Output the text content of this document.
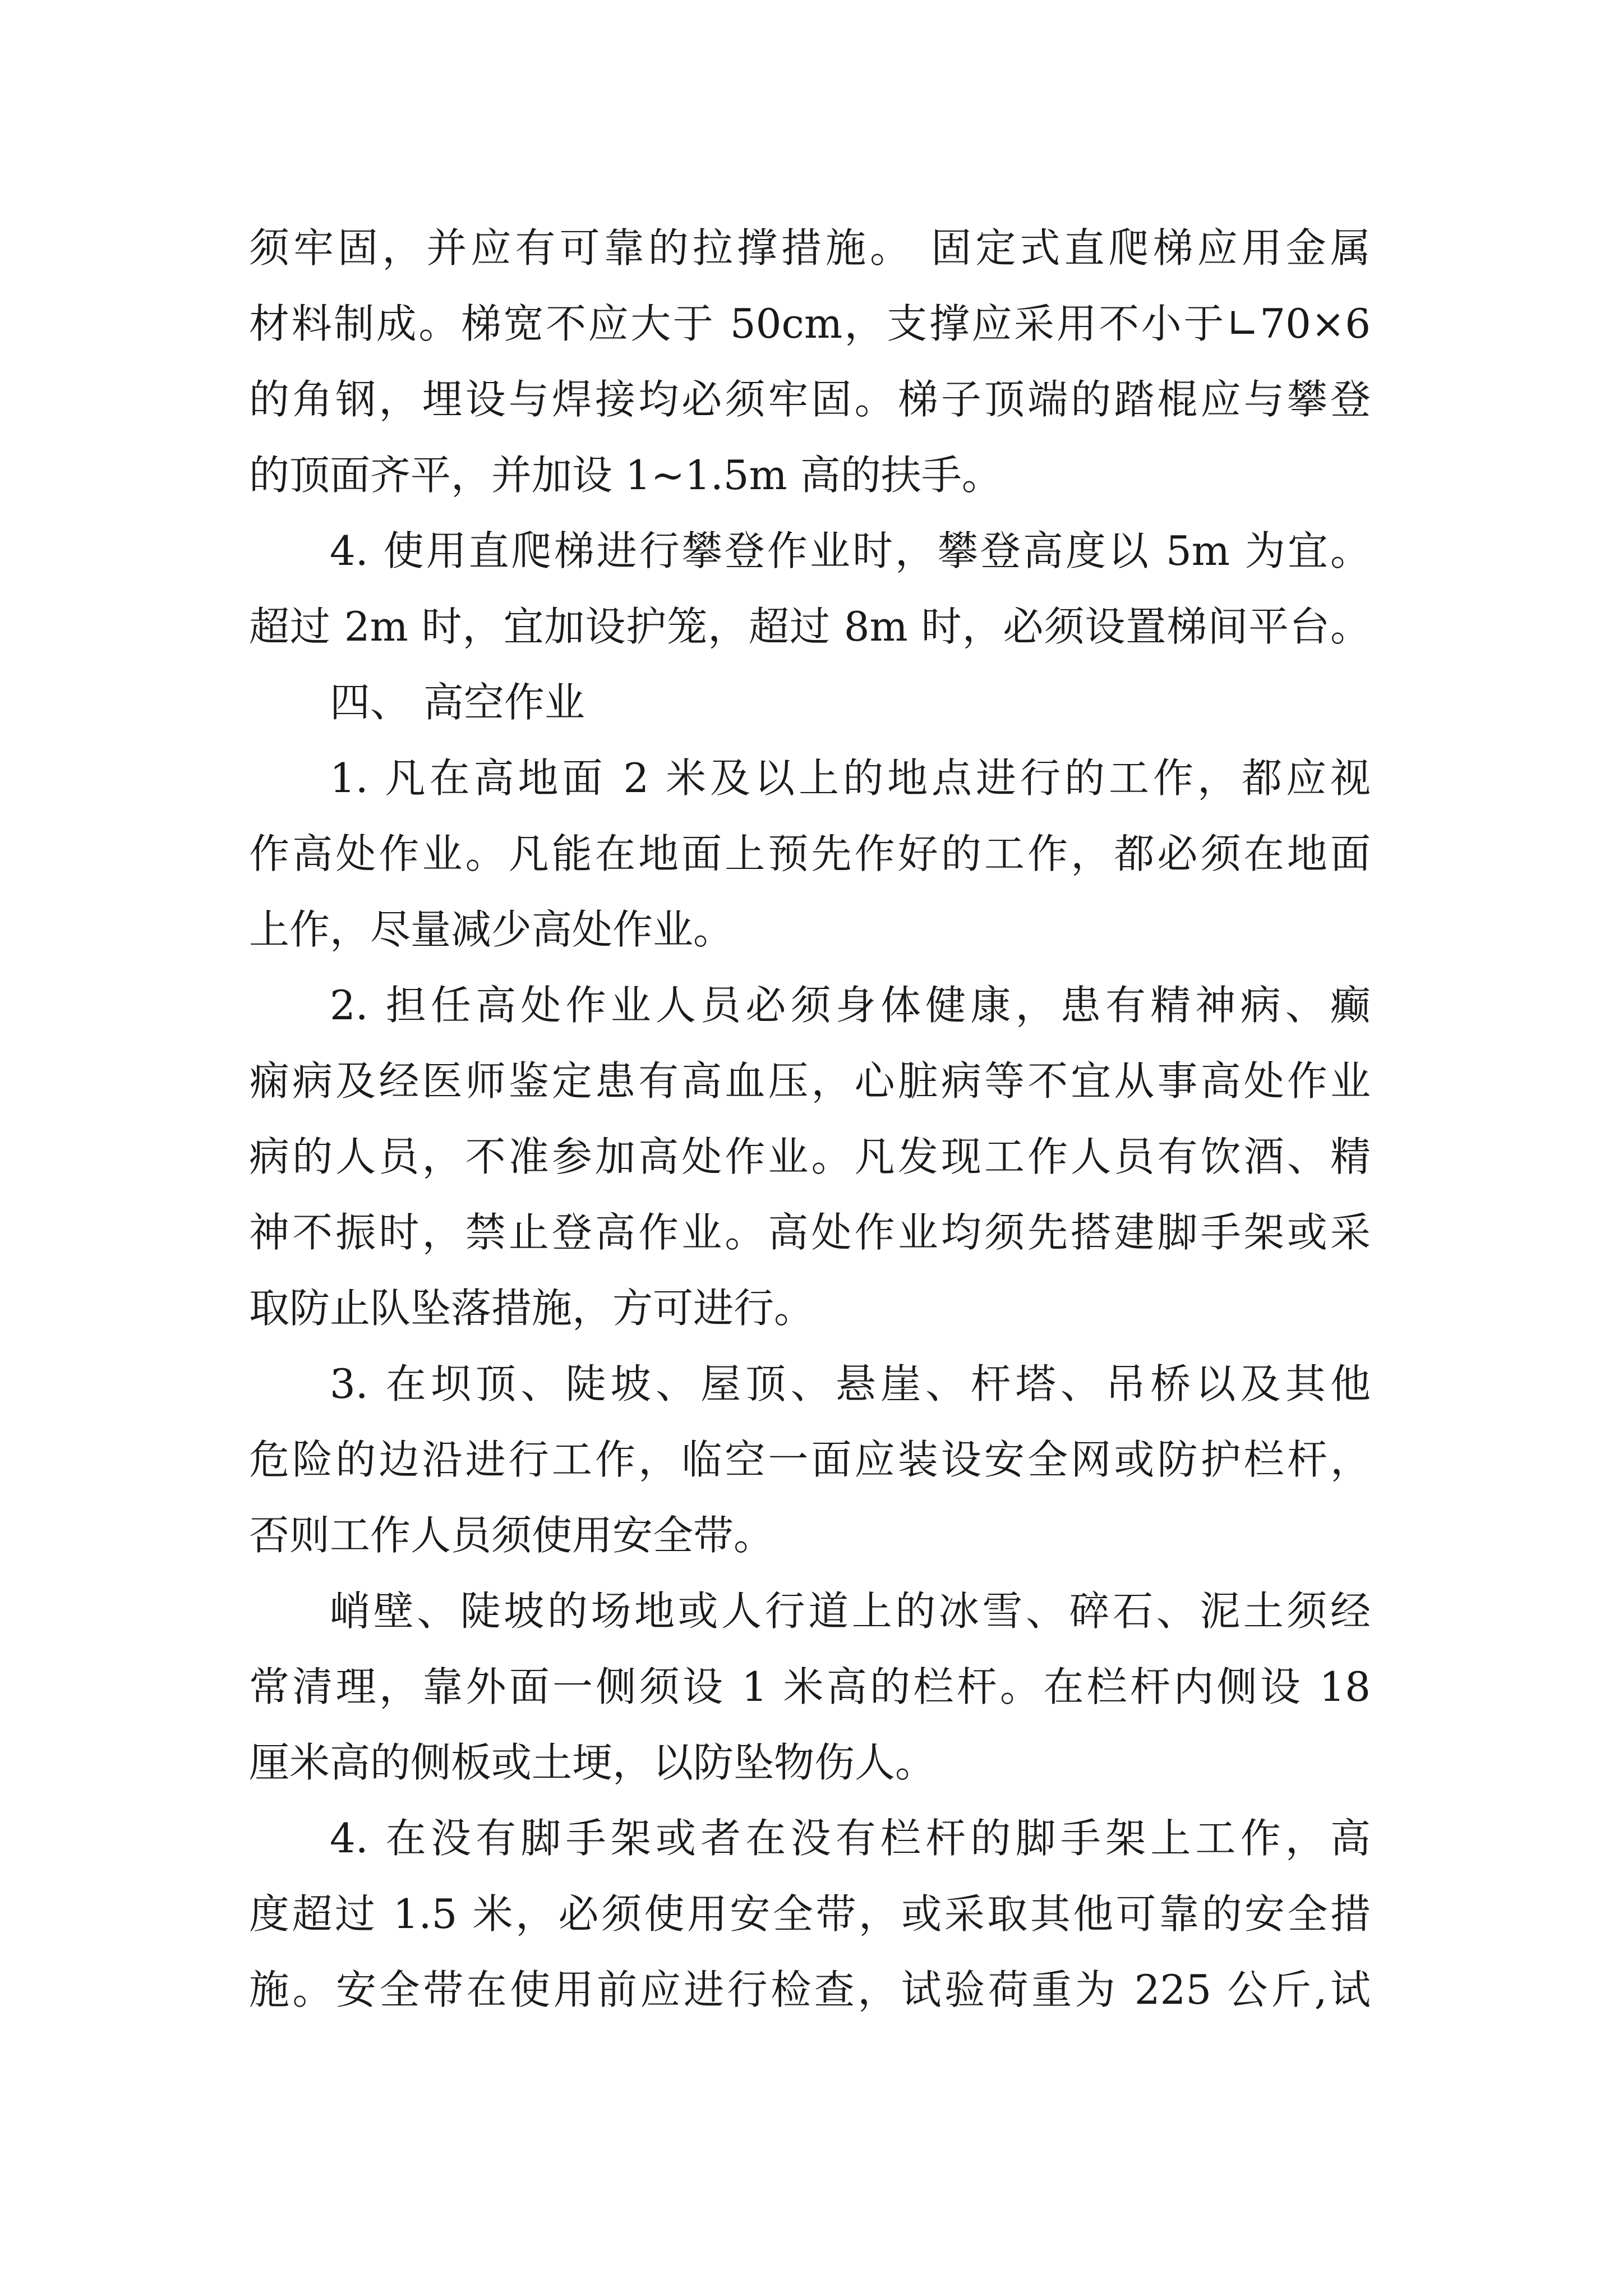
须牢固，并应有可靠的拉撑措施。 固定式直爬梯应用金属
材料制成。梯宽不应大于 50cm，支撑应采用不小于∟70×6
的角钢，埋设与焊接均必须牢固。梯子顶端的踏棍应与攀登
的顶面齐平，并加设 1~1.5m 高的扶手。
4. 使用直爬梯进行攀登作业时，攀登高度以 5m 为宜。
超过 2m 时，宜加设护笼，超过 8m 时，必须设置梯间平台。
四、 高空作业
1. 凡在高地面 2 米及以上的地点进行的工作，都应视
作高处作业。凡能在地面上预先作好的工作，都必须在地面
上作，尽量减少高处作业。
2. 担任高处作业人员必须身体健康，患有精神病、癫
痫病及经医师鉴定患有高血压，心脏病等不宜从事高处作业
病的人员，不准参加高处作业。凡发现工作人员有饮酒、精
神不振时，禁止登高作业。高处作业均须先搭建脚手架或采
取防止队坠落措施，方可进行。
3. 在坝顶、陡坡、屋顶、悬崖、杆塔、吊桥以及其他
危险的边沿进行工作，临空一面应装设安全网或防护栏杆，
否则工作人员须使用安全带。
峭壁、陡坡的场地或人行道上的冰雪、碎石、泥土须经
常清理，靠外面一侧须设 1 米高的栏杆。在栏杆内侧设 18
厘米高的侧板或土埂，以防坠物伤人。
4. 在没有脚手架或者在没有栏杆的脚手架上工作，高
度超过 1.5 米，必须使用安全带，或采取其他可靠的安全措
施。安全带在使用前应进行检查，试验荷重为 225 公斤,试
